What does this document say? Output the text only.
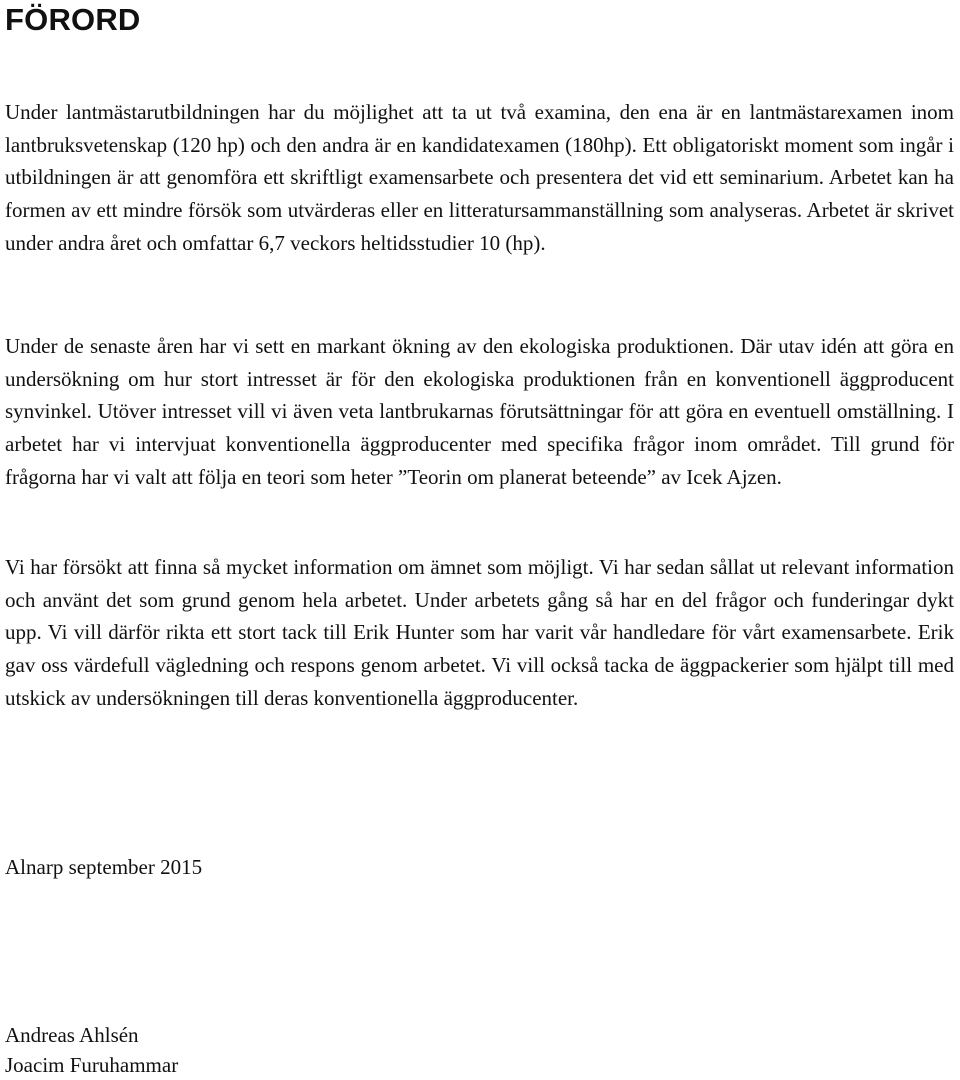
FÖRORD

Under lantmästarutbildningen har du möjlighet att ta ut två examina, den ena är en lantmästarexamen inom lantbruksvetenskap (120 hp) och den andra är en kandidatexamen (180hp). Ett obligatoriskt moment som ingår i utbildningen är att genomföra ett skriftligt examensarbete och presentera det vid ett seminarium. Arbetet kan ha formen av ett mindre försök som utvärderas eller en litteratursammanställning som analyseras. Arbetet är skrivet under andra året och omfattar 6,7 veckors heltidsstudier 10 (hp).

Under de senaste åren har vi sett en markant ökning av den ekologiska produktionen. Där utav idén att göra en undersökning om hur stort intresset är för den ekologiska produktionen från en konventionell äggproducent synvinkel. Utöver intresset vill vi även veta lantbrukarnas förutsättningar för att göra en eventuell omställning. I arbetet har vi intervjuat konventionella äggproducenter med specifika frågor inom området. Till grund för frågorna har vi valt att följa en teori som heter ”Teorin om planerat beteende” av Icek Ajzen.

Vi har försökt att finna så mycket information om ämnet som möjligt. Vi har sedan sållat ut relevant information och använt det som grund genom hela arbetet. Under arbetets gång så har en del frågor och funderingar dykt upp. Vi vill därför rikta ett stort tack till Erik Hunter som har varit vår handledare för vårt examensarbete. Erik gav oss värdefull vägledning och respons genom arbetet. Vi vill också tacka de äggpackerier som hjälpt till med utskick av undersökningen till deras konventionella äggproducenter.

Alnarp september 2015

Andreas Ahlsén

Joacim Furuhammar
